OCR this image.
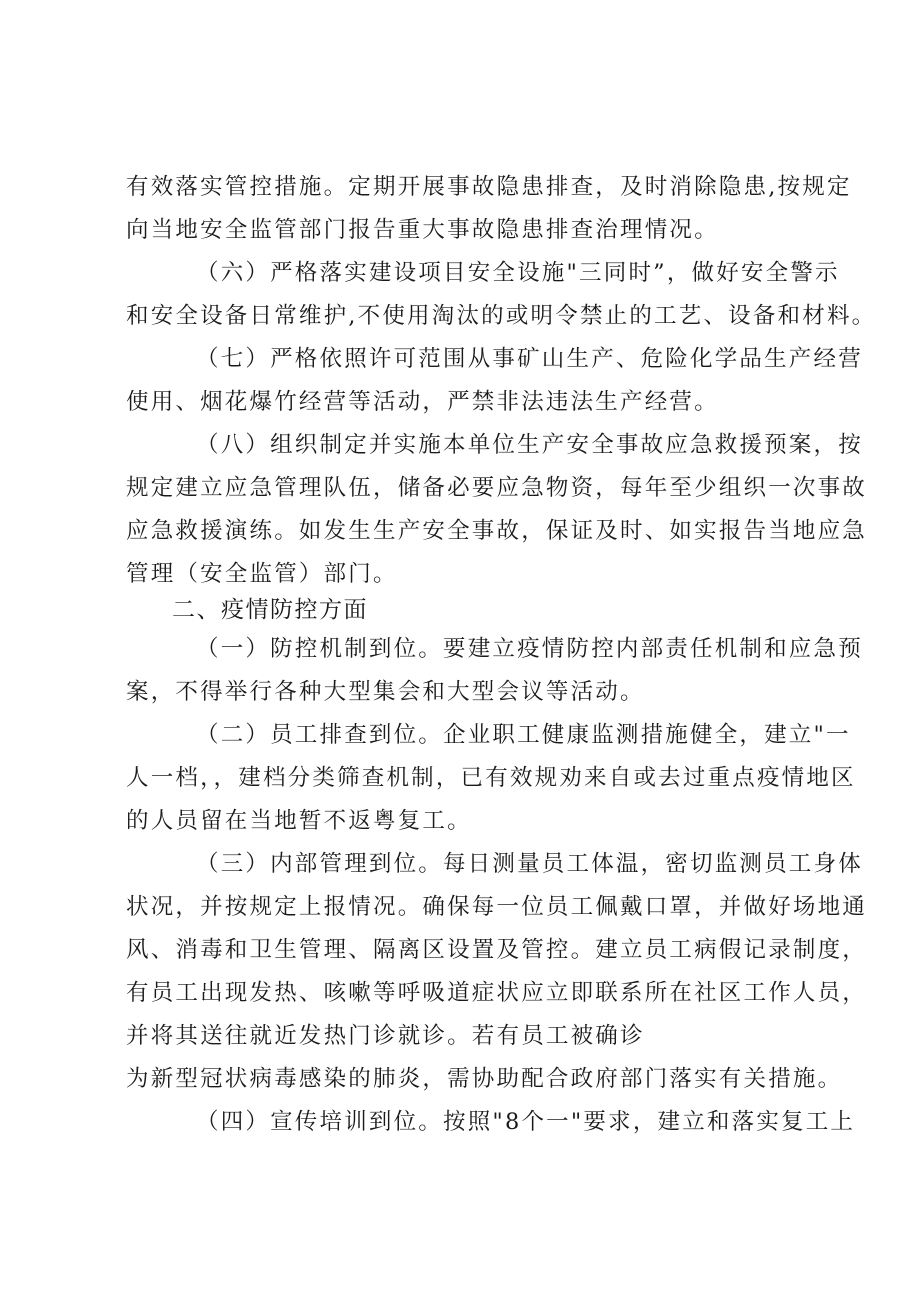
有效落实管控措施。定期开展事故隐患排查，及时消除隐患,按规定
向当地安全监管部门报告重大事故隐患排查治理情况。
（六）严格落实建设项目安全设施"三同时”，做好安全警示
和安全设备日常维护,不使用淘汰的或明令禁止的工艺、设备和材料。
（七）严格依照许可范围从事矿山生产、危险化学品生产经营
使用、烟花爆竹经营等活动，严禁非法违法生产经营。
（八）组织制定并实施本单位生产安全事故应急救援预案，按
规定建立应急管理队伍，储备必要应急物资，每年至少组织一次事故
应急救援演练。如发生生产安全事故，保证及时、如实报告当地应急
管理（安全监管）部门。
二、疫情防控方面
（一）防控机制到位。要建立疫情防控内部责任机制和应急预
案，不得举行各种大型集会和大型会议等活动。
（二）员工排查到位。企业职工健康监测措施健全，建立"一
人一档，，建档分类筛查机制，已有效规劝来自或去过重点疫情地区
的人员留在当地暂不返粤复工。
（三）内部管理到位。每日测量员工体温，密切监测员工身体
状况，并按规定上报情况。确保每一位员工佩戴口罩，并做好场地通
风、消毒和卫生管理、隔离区设置及管控。建立员工病假记录制度，
有员工出现发热、咳嗽等呼吸道症状应立即联系所在社区工作人员，
并将其送往就近发热门诊就诊。若有员工被确诊
为新型冠状病毒感染的肺炎，需协助配合政府部门落实有关措施。
（四）宣传培训到位。按照"8个一"要求，建立和落实复工上
